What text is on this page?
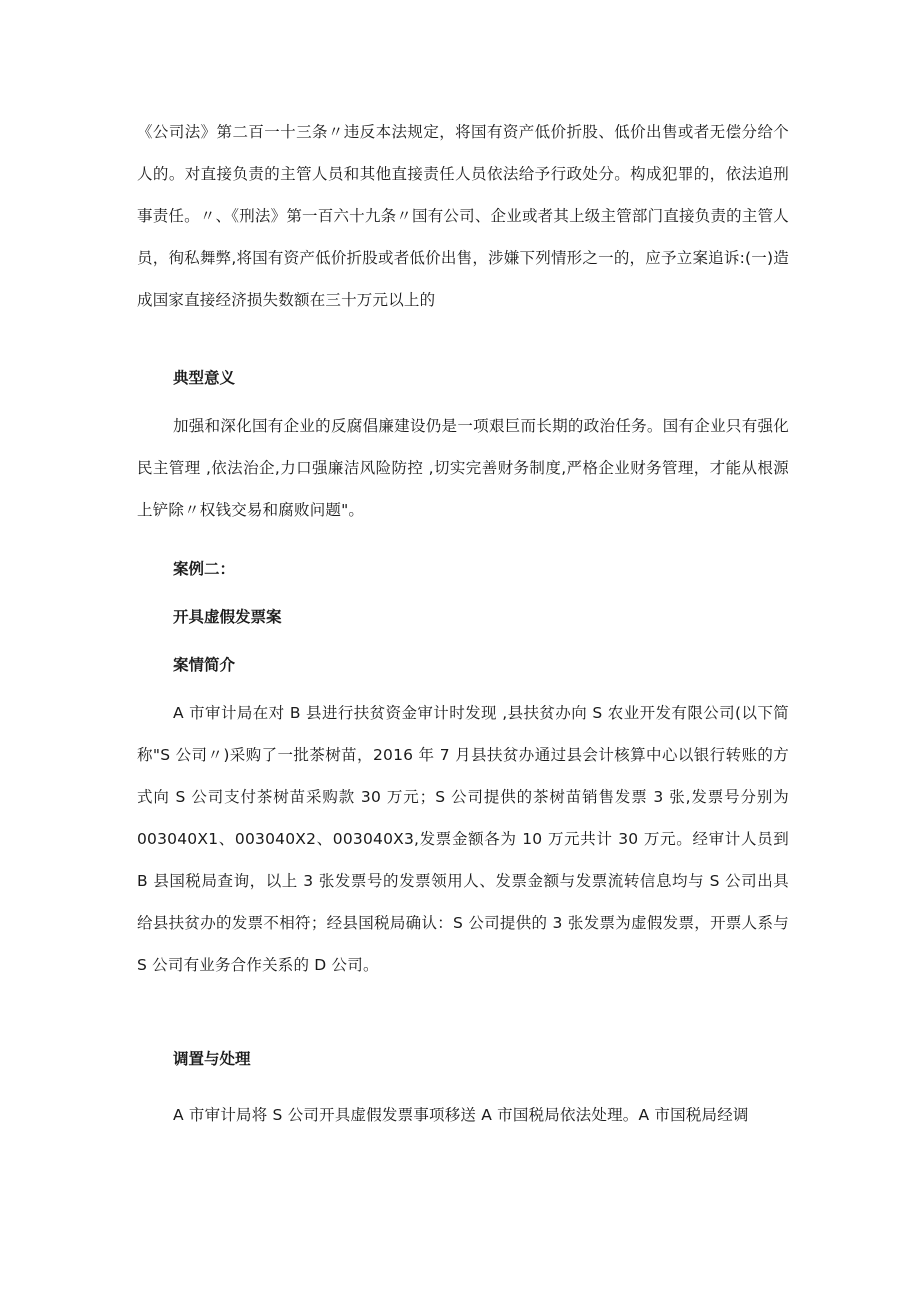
《公司法》第二百一十三条〃违反本法规定，将国有资产低价折股、低价出售或者无偿分给个人的。对直接负责的主管人员和其他直接责任人员依法给予行政处分。构成犯罪的，依法追刑事责任。〃、《刑法》第一百六十九条〃国有公司、企业或者其上级主管部门直接负责的主管人员，徇私舞弊,将国有资产低价折股或者低价出售，涉嫌下列情形之一的，应予立案追诉:(一)造成国家直接经济损失数额在三十万元以上的

典型意义

加强和深化国有企业的反腐倡廉建设仍是一项艰巨而长期的政治任务。国有企业只有强化民主管理 ,依法治企,力口强廉洁风险防控 ,切实完善财务制度,严格企业财务管理，才能从根源上铲除〃权钱交易和腐败问题"。

案例二：

开具虚假发票案

案情简介

A 市审计局在对 B 县进行扶贫资金审计时发现 ,县扶贫办向 S 农业开发有限公司(以下简称"S 公司〃)采购了一批茶树苗，2016 年 7 月县扶贫办通过县会计核算中心以银行转账的方式向 S 公司支付茶树苗采购款 30 万元；S 公司提供的茶树苗销售发票 3 张,发票号分别为 003040X1、003040X2、003040X3,发票金额各为 10 万元共计 30 万元。经审计人员到 B 县国税局查询，以上 3 张发票号的发票领用人、发票金额与发票流转信息均与 S 公司出具给县扶贫办的发票不相符；经县国税局确认：S 公司提供的 3 张发票为虚假发票，开票人系与 S 公司有业务合作关系的 D 公司。

调置与处理

A 市审计局将 S 公司开具虚假发票事项移送 A 市国税局依法处理。A 市国税局经调
